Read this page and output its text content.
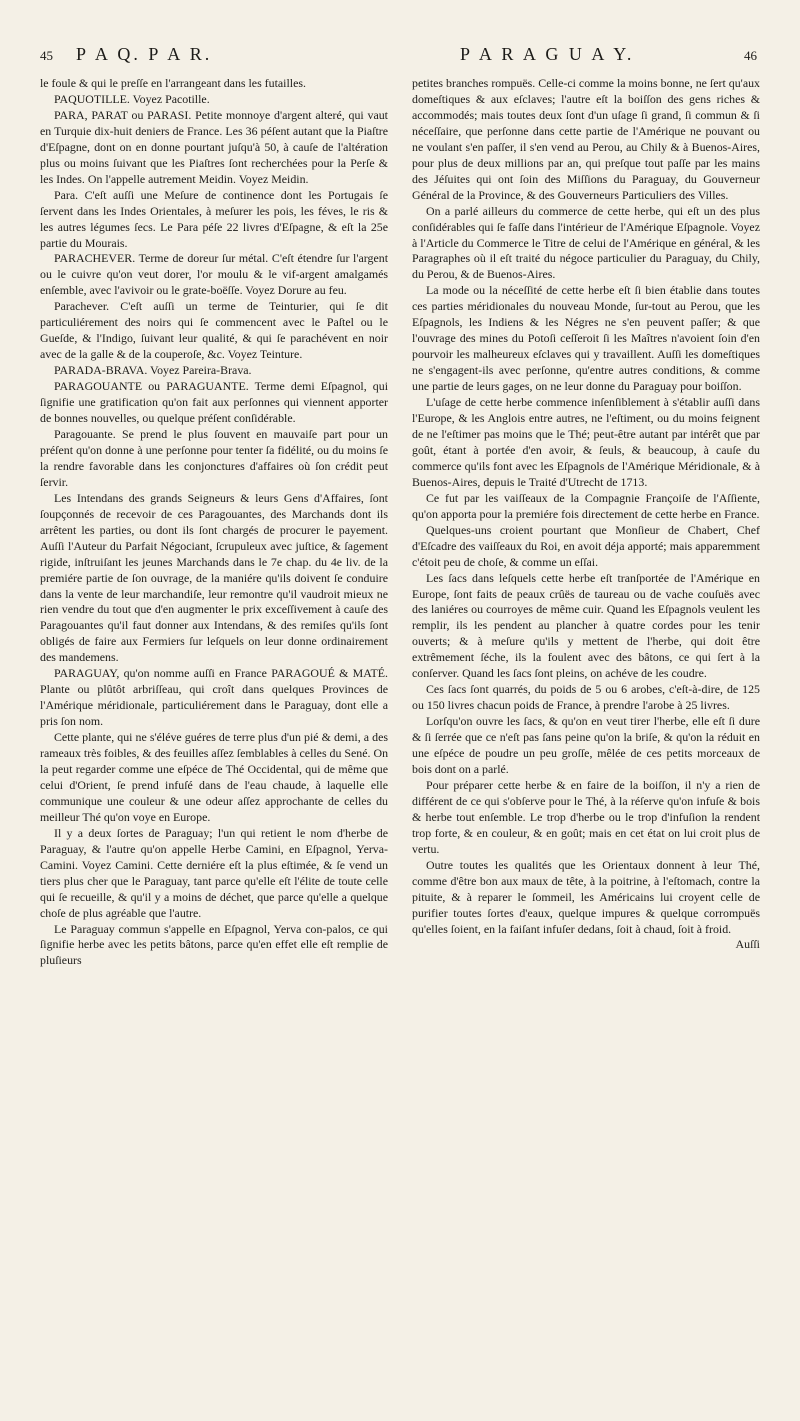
45 P A Q. P A R.	P A R A G U A Y.	46

le foule & qui le preſſe en l'arrangeant dans les futailles.

PAQUOTILLE. Voyez Pacotille.

PARA, PARAT ou PARASI. Petite monnoye d'argent alteré, qui vaut en Turquie dix-huit deniers de France. Les 36 péſent autant que la Piaſtre d'Eſpagne, dont on en donne pourtant juſqu'à 50, à cauſe de l'altération plus ou moins ſuivant que les Piaſtres ſont recherchées pour la Perſe & les Indes. On l'appelle autrement Meidin. Voyez Meidin.

Para. C'eſt auſſi une Meſure de continence dont les Portugais ſe ſervent dans les Indes Orientales, à meſurer les pois, les féves, le ris & les autres légumes ſecs. Le Para péſe 22 livres d'Eſpagne, & eſt la 25e partie du Mourais.

PARACHEVER. Terme de doreur ſur métal. C'eſt étendre ſur l'argent ou le cuivre qu'on veut dorer, l'or moulu & le vif-argent amalgamés enſemble, avec l'avivoir ou le grate-boëſſe. Voyez Dorure au feu.

Parachever. C'eſt auſſi un terme de Teinturier, qui ſe dit particuliérement des noirs qui ſe commencent avec le Paſtel ou le Gueſde, & l'Indigo, ſuivant leur qualité, & qui ſe parachévent en noir avec de la galle & de la couperoſe, &c. Voyez Teinture.

PARADA-BRAVA. Voyez Pareira-Brava.

PARAGOUANTE ou PARAGUANTE. Terme demi Eſpagnol, qui ſignifie une gratification qu'on fait aux perſonnes qui viennent apporter de bonnes nouvelles, ou quelque préſent conſidérable.

Paragouante. Se prend le plus ſouvent en mauvaiſe part pour un préſent qu'on donne à une perſonne pour tenter ſa fidélité, ou du moins ſe la rendre favorable dans les conjonctures d'affaires où ſon crédit peut ſervir.

Les Intendans des grands Seigneurs & leurs Gens d'Affaires, ſont ſoupçonnés de recevoir de ces Paragouantes, des Marchands dont ils arrêtent les parties, ou dont ils ſont chargés de procurer le payement. Auſſi l'Auteur du Parfait Négociant, ſcrupuleux avec juſtice, & ſagement rigide, inſtruiſant les jeunes Marchands dans le 7e chap. du 4e liv. de la premiére partie de ſon ouvrage, de la maniére qu'ils doivent ſe conduire dans la vente de leur marchandiſe, leur remontre qu'il vaudroit mieux ne rien vendre du tout que d'en augmenter le prix exceſſivement à cauſe des Paragouantes qu'il faut donner aux Intendans, & des remiſes qu'ils ſont obligés de faire aux Fermiers ſur leſquels on leur donne ordinairement des mandemens.

PARAGUAY, qu'on nomme auſſi en France PARAGOUÉ & MATÉ. Plante ou plûtôt arbriſſeau, qui croît dans quelques Provinces de l'Amérique méridionale, particuliérement dans le Paraguay, dont elle a pris ſon nom.

Cette plante, qui ne s'éléve guéres de terre plus d'un pié & demi, a des rameaux très foibles, & des feuilles aſſez ſemblables à celles du Sené. On la peut regarder comme une eſpéce de Thé Occidental, qui de même que celui d'Orient, ſe prend infuſé dans de l'eau chaude, à laquelle elle communique une couleur & une odeur aſſez approchante de celles du meilleur Thé qu'on voye en Europe.

Il y a deux ſortes de Paraguay; l'un qui retient le nom d'herbe de Paraguay, & l'autre qu'on appelle Herbe Camini, en Eſpagnol, Yerva-Camini. Voyez Camini. Cette derniére eſt la plus eſtimée, & ſe vend un tiers plus cher que le Paraguay, tant parce qu'elle eſt l'élite de toute celle qui ſe recueille, & qu'il y a moins de déchet, que parce qu'elle a quelque choſe de plus agréable que l'autre.

Le Paraguay commun s'appelle en Eſpagnol, Yerva con-palos, ce qui ſignifie herbe avec les petits bâtons, parce qu'en effet elle eſt remplie de pluſieurs

petites branches rompuës. Celle-ci comme la moins bonne, ne ſert qu'aux domeſtiques & aux eſclaves; l'autre eſt la boiſſon des gens riches & accommodés; mais toutes deux ſont d'un uſage ſi grand, ſi commun & ſi néceſſaire, que perſonne dans cette partie de l'Amérique ne pouvant ou ne voulant s'en paſſer, il s'en vend au Perou, au Chily & à Buenos-Aires, pour plus de deux millions par an, qui preſque tout paſſe par les mains des Jéſuites qui ont ſoin des Miſſions du Paraguay, du Gouverneur Général de la Province, & des Gouverneurs Particuliers des Villes.

On a parlé ailleurs du commerce de cette herbe, qui eſt un des plus conſidérables qui ſe faſſe dans l'intérieur de l'Amérique Eſpagnole. Voyez à l'Article du Commerce le Titre de celui de l'Amérique en général, & les Paragraphes où il eſt traité du négoce particulier du Paraguay, du Chily, du Perou, & de Buenos-Aires.

La mode ou la néceſſité de cette herbe eſt ſi bien établie dans toutes ces parties méridionales du nouveau Monde, ſur-tout au Perou, que les Eſpagnols, les Indiens & les Négres ne s'en peuvent paſſer; & que l'ouvrage des mines du Potoſi ceſſeroit ſi les Maîtres n'avoient ſoin d'en pourvoir les malheureux eſclaves qui y travaillent. Auſſi les domeſtiques ne s'engagent-ils avec perſonne, qu'entre autres conditions, & comme une partie de leurs gages, on ne leur donne du Paraguay pour boiſſon.

L'uſage de cette herbe commence inſenſiblement à s'établir auſſi dans l'Europe, & les Anglois entre autres, ne l'eſtiment, ou du moins feignent de ne l'eſtimer pas moins que le Thé; peut-être autant par intérêt que par goût, étant à portée d'en avoir, & ſeuls, & beaucoup, à cauſe du commerce qu'ils font avec les Eſpagnols de l'Amérique Méridionale, & à Buenos-Aires, depuis le Traité d'Utrecht de 1713.

Ce fut par les vaiſſeaux de la Compagnie Françoiſe de l'Aſſiente, qu'on apporta pour la premiére fois directement de cette herbe en France.

Quelques-uns croient pourtant que Monſieur de Chabert, Chef d'Eſcadre des vaiſſeaux du Roi, en avoit déja apporté; mais apparemment c'étoit peu de choſe, & comme un eſſai.

Les ſacs dans leſquels cette herbe eſt tranſportée de l'Amérique en Europe, ſont faits de peaux crûës de taureau ou de vache couſuës avec des laniéres ou courroyes de même cuir. Quand les Eſpagnols veulent les remplir, ils les pendent au plancher à quatre cordes pour les tenir ouverts; & à meſure qu'ils y mettent de l'herbe, qui doit être extrêmement ſéche, ils la foulent avec des bâtons, ce qui ſert à la conſerver. Quand les ſacs ſont pleins, on achéve de les coudre.

Ces ſacs ſont quarrés, du poids de 5 ou 6 arobes, c'eſt-à-dire, de 125 ou 150 livres chacun poids de France, à prendre l'arobe à 25 livres.

Lorſqu'on ouvre les ſacs, & qu'on en veut tirer l'herbe, elle eſt ſi dure & ſi ſerrée que ce n'eſt pas ſans peine qu'on la briſe, & qu'on la réduit en une eſpéce de poudre un peu groſſe, mêlée de ces petits morceaux de bois dont on a parlé.

Pour préparer cette herbe & en faire de la boiſſon, il n'y a rien de différent de ce qui s'obſerve pour le Thé, à la réſerve qu'on infuſe & bois & herbe tout enſemble. Le trop d'herbe ou le trop d'infuſion la rendent trop forte, & en couleur, & en goût; mais en cet état on lui croit plus de vertu.

Outre toutes les qualités que les Orientaux donnent à leur Thé, comme d'être bon aux maux de tête, à la poitrine, à l'eſtomach, contre la pituite, & à reparer le ſommeil, les Américains lui croyent celle de purifier toutes ſortes d'eaux, quelque impures & quelque corrompuës qu'elles ſoient, en la faiſant infuſer dedans, ſoit à chaud, ſoit à froid.

Auſſi
